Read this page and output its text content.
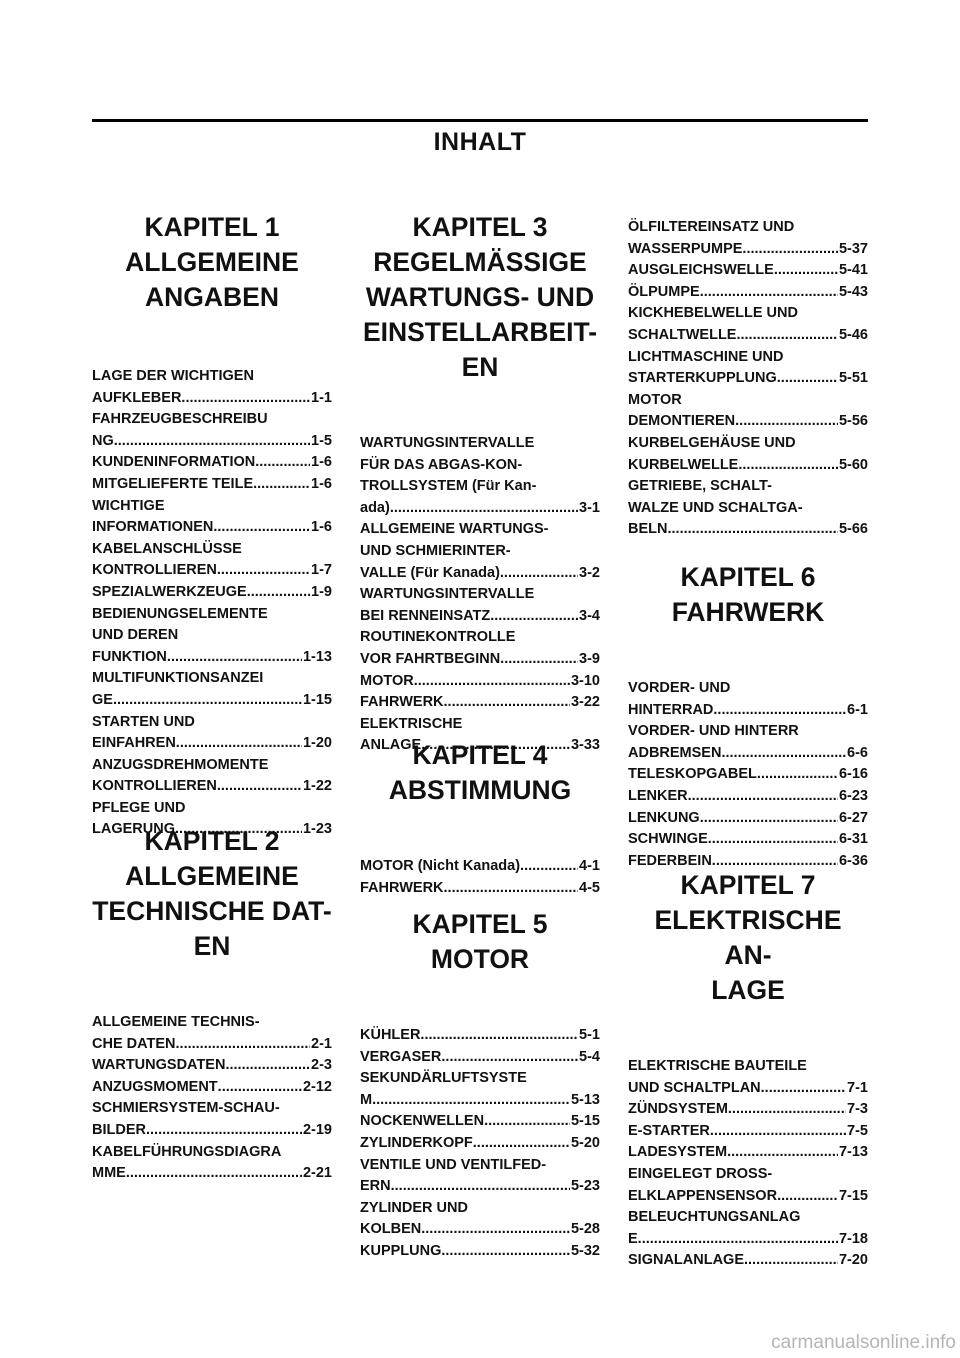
INHALT
KAPITEL 1
ALLGEMEINE
ANGABEN
LAGE DER WICHTIGEN
AUFKLEBER .....	1-1
FAHRZEUGBESCHREIBU
NG .....	1-5
KUNDENINFORMATION .....	1-6
MITGELIEFERTE TEILE .....	1-6
WICHTIGE
INFORMATIONEN .....	1-6
KABELANSCHLÜSSE
KONTROLLIEREN .....	1-7
SPEZIALWERKZEUGE .....	1-9
BEDIENUNGSELEMENTE
UND DEREN
FUNKTION .....	1-13
MULTIFUNKTIONSANZEI
GE .....	1-15
STARTEN UND
EINFAHREN .....	1-20
ANZUGSDREHMOMENTE
KONTROLLIEREN .....	1-22
PFLEGE UND
LAGERUNG .....	1-23
KAPITEL 2
ALLGEMEINE
TECHNISCHE DAT-
EN
ALLGEMEINE TECHNIS-
CHE DATEN .....	2-1
WARTUNGSDATEN .....	2-3
ANZUGSMOMENT .....	2-12
SCHMIERSYSTEM-SCHAU-
BILDER .....	2-19
KABELFÜHRUNGSDIAGRA
MME .....	2-21
KAPITEL 3
REGELMÄSSIGE
WARTUNGS- UND
EINSTELLARBEIT-
EN
WARTUNGSINTERVALLE
FÜR DAS ABGAS-KON-
TROLLSYSTEM (Für Kan-
ada) .....	3-1
ALLGEMEINE WARTUNGS-
UND SCHMIERINTER-
VALLE (Für Kanada) .....	3-2
WARTUNGSINTERVALLE
BEI RENNEINSATZ .....	3-4
ROUTINEKONTROLLE
VOR FAHRTBEGINN .....	3-9
MOTOR .....	3-10
FAHRWERK .....	3-22
ELEKTRISCHE
ANLAGE .....	3-33
KAPITEL 4
ABSTIMMUNG
MOTOR (Nicht Kanada) .....	4-1
FAHRWERK .....	4-5
KAPITEL 5
MOTOR
KÜHLER .....	5-1
VERGASER .....	5-4
SEKUNDÄRLUFTSYSTE
M .....	5-13
NOCKENWELLEN .....	5-15
ZYLINDERKOPF .....	5-20
VENTILE UND VENTILFED-
ERN .....	5-23
ZYLINDER UND
KOLBEN .....	5-28
KUPPLUNG .....	5-32
ÖLFILTEREINSATZ UND
WASSERPUMPE .....	5-37
AUSGLEICHSWELLE .....	5-41
ÖLPUMPE .....	5-43
KICKHEBELWELLE UND
SCHALTWELLE .....	5-46
LICHTMASCHINE UND
STARTERKUPPLUNG .....	5-51
MOTOR
DEMONTIEREN .....	5-56
KURBELGEHÄUSE UND
KURBELWELLE .....	5-60
GETRIEBE, SCHALT-
WALZE UND SCHALTGA-
BELN .....	5-66
KAPITEL 6
FAHRWERK
VORDER- UND
HINTERRAD .....	6-1
VORDER- UND HINTERR
ADBREMSEN .....	6-6
TELESKOPGABEL .....	6-16
LENKER .....	6-23
LENKUNG .....	6-27
SCHWINGE .....	6-31
FEDERBEIN .....	6-36
KAPITEL 7
ELEKTRISCHE AN-
LAGE
ELEKTRISCHE BAUTEILE
UND SCHALTPLAN .....	7-1
ZÜNDSYSTEM .....	7-3
E-STARTER .....	7-5
LADESYSTEM .....	7-13
EINGELEGT DROSS-
ELKLAPPENSENSOR .....	7-15
BELEUCHTUNGSANLAG
E .....	7-18
SIGNALANLAGE .....	7-20
carmanualsonline.info
